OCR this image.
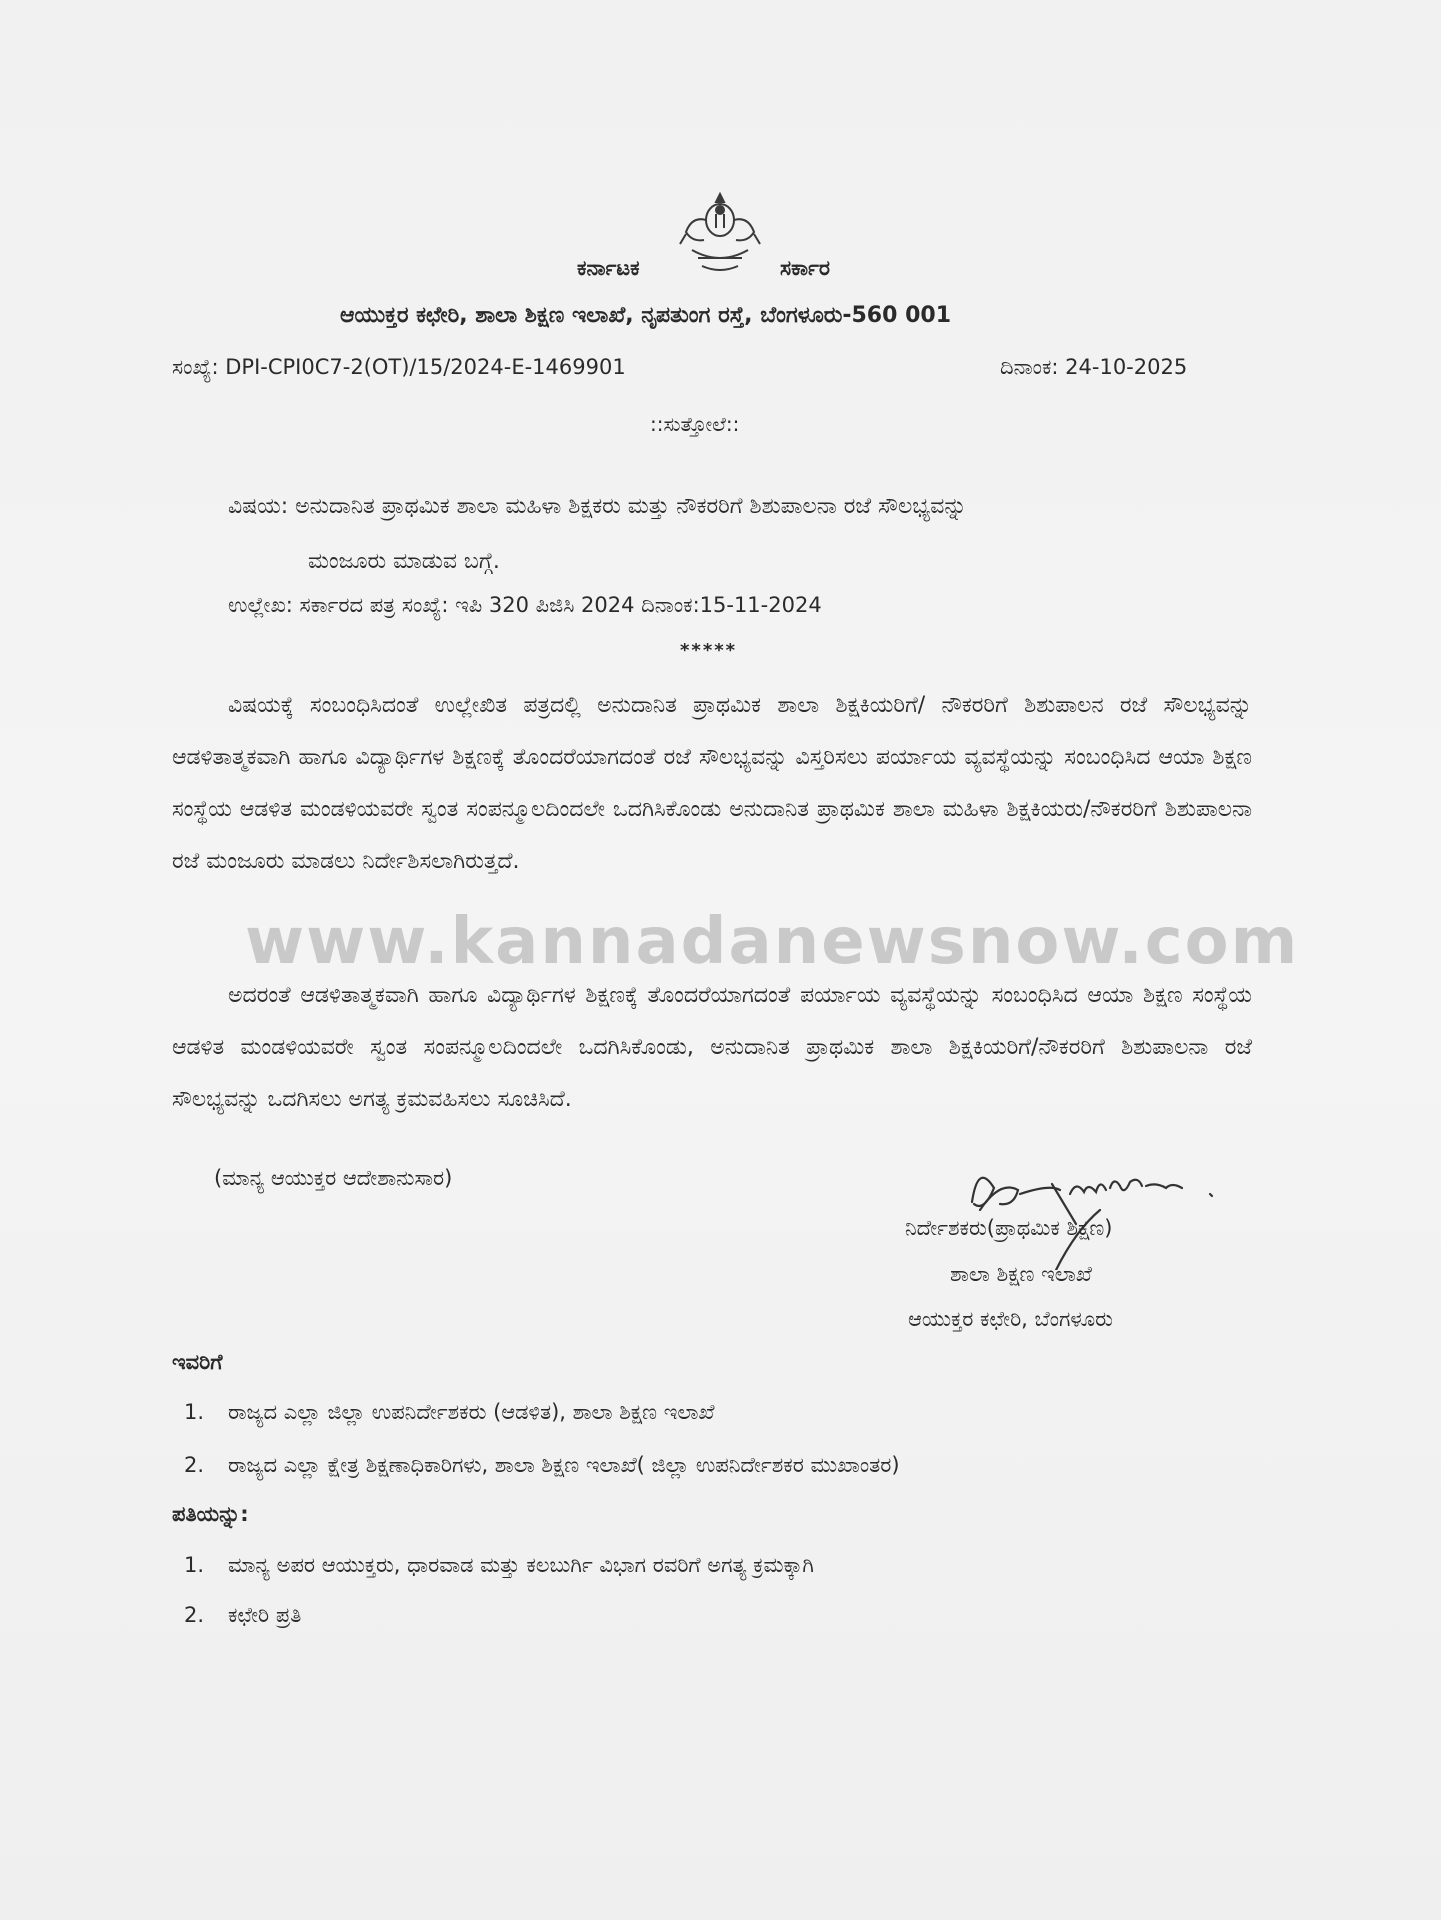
ಕರ್ನಾಟಕ	ಸರ್ಕಾರ
ಆಯುಕ್ತರ ಕಛೇರಿ, ಶಾಲಾ ಶಿಕ್ಷಣ ಇಲಾಖೆ, ನೃಪತುಂಗ ರಸ್ತೆ, ಬೆಂಗಳೂರು-560 001
ಸಂಖ್ಯೆ: DPI-CPI0C7-2(OT)/15/2024-E-1469901	ದಿನಾಂಕ: 24-10-2025
::ಸುತ್ತೋಲೆ::
ವಿಷಯ: ಅನುದಾನಿತ ಪ್ರಾಥಮಿಕ ಶಾಲಾ ಮಹಿಳಾ ಶಿಕ್ಷಕರು ಮತ್ತು ನೌಕರರಿಗೆ ಶಿಶುಪಾಲನಾ ರಜೆ ಸೌಲಭ್ಯವನ್ನು
ಮಂಜೂರು ಮಾಡುವ ಬಗ್ಗೆ.
ಉಲ್ಲೇಖ: ಸರ್ಕಾರದ ಪತ್ರ ಸಂಖ್ಯೆ: ಇಪಿ 320 ಪಿಜಿಸಿ 2024 ದಿನಾಂಕ:15-11-2024
*****
ವಿಷಯಕ್ಕೆ ಸಂಬಂಧಿಸಿದಂತೆ ಉಲ್ಲೇಖಿತ ಪತ್ರದಲ್ಲಿ ಅನುದಾನಿತ ಪ್ರಾಥಮಿಕ ಶಾಲಾ ಶಿಕ್ಷಕಿಯರಿಗೆ/ ನೌಕರರಿಗೆ ಶಿಶುಪಾಲನ ರಜೆ ಸೌಲಭ್ಯವನ್ನು ಆಡಳಿತಾತ್ಮಕವಾಗಿ ಹಾಗೂ ವಿದ್ಯಾರ್ಥಿಗಳ ಶಿಕ್ಷಣಕ್ಕೆ ತೊಂದರೆಯಾಗದಂತೆ ರಜೆ ಸೌಲಭ್ಯವನ್ನು ವಿಸ್ತರಿಸಲು ಪರ್ಯಾಯ ವ್ಯವಸ್ಥೆಯನ್ನು ಸಂಬಂಧಿಸಿದ ಆಯಾ ಶಿಕ್ಷಣ ಸಂಸ್ಥೆಯ ಆಡಳಿತ ಮಂಡಳಿಯವರೇ ಸ್ವಂತ ಸಂಪನ್ಮೂಲದಿಂದಲೇ ಒದಗಿಸಿಕೊಂಡು ಅನುದಾನಿತ ಪ್ರಾಥಮಿಕ ಶಾಲಾ ಮಹಿಳಾ ಶಿಕ್ಷಕಿಯರು/ನೌಕರರಿಗೆ ಶಿಶುಪಾಲನಾ ರಜೆ ಮಂಜೂರು ಮಾಡಲು ನಿರ್ದೇಶಿಸಲಾಗಿರುತ್ತದೆ.
www.kannadanewsnow.com
ಅದರಂತೆ ಆಡಳಿತಾತ್ಮಕವಾಗಿ ಹಾಗೂ ವಿದ್ಯಾರ್ಥಿಗಳ ಶಿಕ್ಷಣಕ್ಕೆ ತೊಂದರೆಯಾಗದಂತೆ ಪರ್ಯಾಯ ವ್ಯವಸ್ಥೆಯನ್ನು ಸಂಬಂಧಿಸಿದ ಆಯಾ ಶಿಕ್ಷಣ ಸಂಸ್ಥೆಯ ಆಡಳಿತ ಮಂಡಳಿಯವರೇ ಸ್ವಂತ ಸಂಪನ್ಮೂಲದಿಂದಲೇ ಒದಗಿಸಿಕೊಂಡು, ಅನುದಾನಿತ ಪ್ರಾಥಮಿಕ ಶಾಲಾ ಶಿಕ್ಷಕಿಯರಿಗೆ/ನೌಕರರಿಗೆ ಶಿಶುಪಾಲನಾ ರಜೆ ಸೌಲಭ್ಯವನ್ನು ಒದಗಿಸಲು ಅಗತ್ಯ ಕ್ರಮವಹಿಸಲು ಸೂಚಿಸಿದೆ.
(ಮಾನ್ಯ ಆಯುಕ್ತರ ಆದೇಶಾನುಸಾರ)
ನಿರ್ದೇಶಕರು(ಪ್ರಾಥಮಿಕ ಶಿಕ್ಷಣ)
ಶಾಲಾ ಶಿಕ್ಷಣ ಇಲಾಖೆ
ಆಯುಕ್ತರ ಕಛೇರಿ, ಬೆಂಗಳೂರು
ಇವರಿಗೆ
1. ರಾಜ್ಯದ ಎಲ್ಲಾ ಜಿಲ್ಲಾ ಉಪನಿರ್ದೇಶಕರು (ಆಡಳಿತ), ಶಾಲಾ ಶಿಕ್ಷಣ ಇಲಾಖೆ
2. ರಾಜ್ಯದ ಎಲ್ಲಾ ಕ್ಷೇತ್ರ ಶಿಕ್ಷಣಾಧಿಕಾರಿಗಳು, ಶಾಲಾ ಶಿಕ್ಷಣ ಇಲಾಖೆ( ಜಿಲ್ಲಾ ಉಪನಿರ್ದೇಶಕರ ಮುಖಾಂತರ)
ಪತಿಯನ್ನು:
1. ಮಾನ್ಯ ಅಪರ ಆಯುಕ್ತರು, ಧಾರವಾಡ ಮತ್ತು ಕಲಬುರ್ಗಿ ವಿಭಾಗ ರವರಿಗೆ ಅಗತ್ಯ ಕ್ರಮಕ್ಕಾಗಿ
2. ಕಛೇರಿ ಪ್ರತಿ
